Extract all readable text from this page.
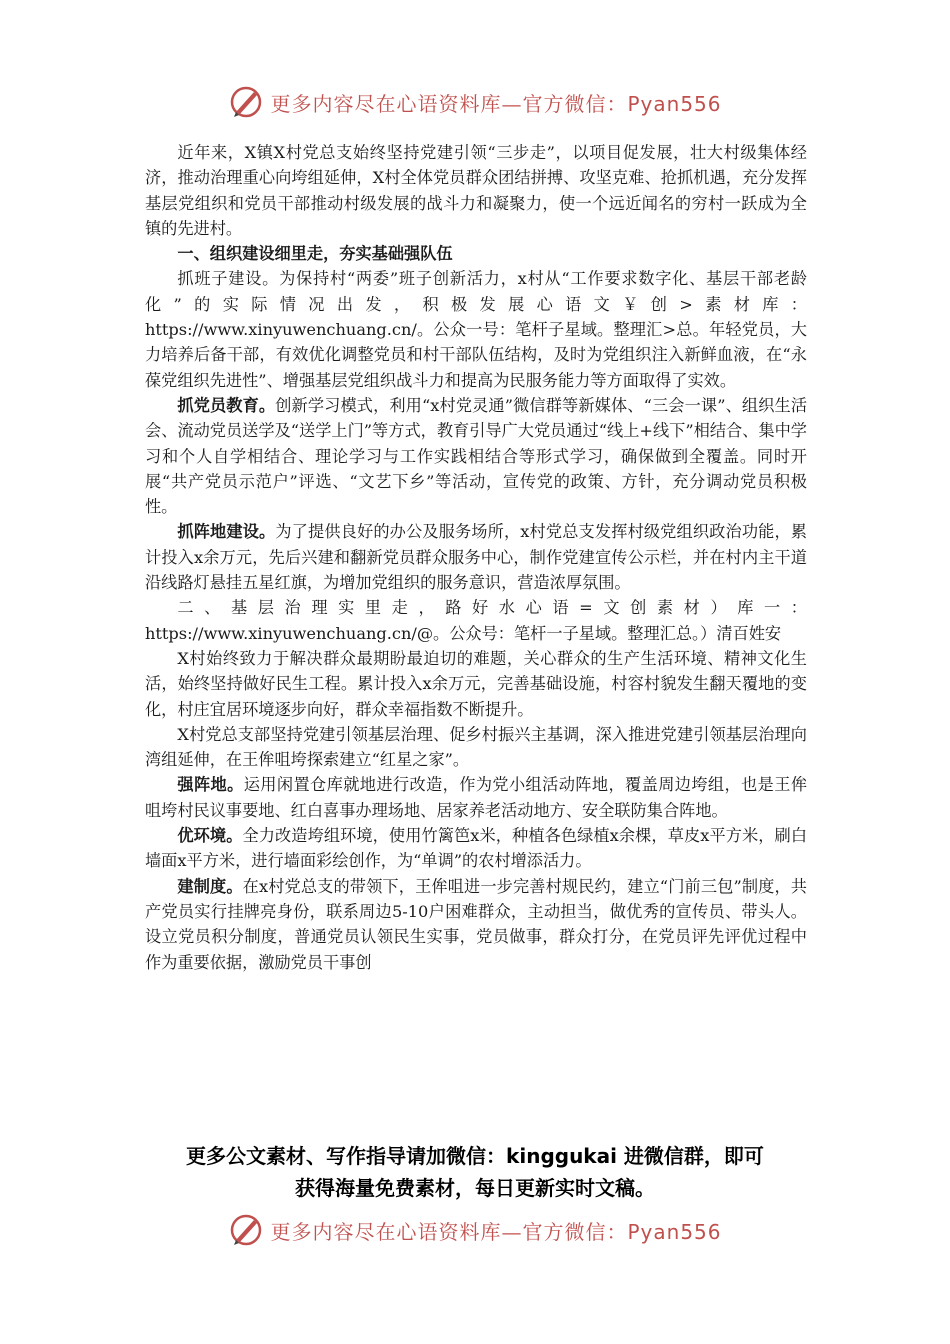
更多内容尽在心语资料库—官方微信：Pyan556

近年来，X镇X村党总支始终坚持党建引领“三步走”，以项目促发展，壮大村级集体经济，推动治理重心向垮组延伸，X村全体党员群众团结拼搏、攻坚克难、抢抓机遇，充分发挥基层党组织和党员干部推动村级发展的战斗力和凝聚力，使一个远近闻名的穷村一跃成为全镇的先进村。

一、组织建设细里走，夯实基础强队伍

抓班子建设。为保持村“两委”班子创新活力，x村从“工作要求数字化、基层干部老龄化”的实际情况出发，积极发展心语文￥创>素材库：https://www.xinyuwenchuang.cn/。公众一号：笔杆子星域。整理汇>总。年轻党员，大力培养后备干部，有效优化调整党员和村干部队伍结构，及时为党组织注入新鲜血液，在“永葆党组织先进性”、增强基层党组织战斗力和提高为民服务能力等方面取得了实效。

抓党员教育。创新学习模式，利用“x村党灵通”微信群等新媒体、“三会一课”、组织生活会、流动党员送学及“送学上门”等方式，教育引导广大党员通过“线上+线下”相结合、集中学习和个人自学相结合、理论学习与工作实践相结合等形式学习，确保做到全覆盖。同时开展“共产党员示范户”评选、“文艺下乡”等活动，宣传党的政策、方针，充分调动党员积极性。

抓阵地建设。为了提供良好的办公及服务场所，x村党总支发挥村级党组织政治功能，累计投入x余万元，先后兴建和翻新党员群众服务中心，制作党建宣传公示栏，并在村内主干道沿线路灯悬挂五星红旗，为增加党组织的服务意识，营造浓厚氛围。

二、基层治理实里走，路好水心语=文创素材）库一：https://www.xinyuwenchuang.cn/@。公众号：笔杆一子星域。整理汇总。）清百姓安

X村始终致力于解决群众最期盼最迫切的难题，关心群众的生产生活环境、精神文化生活，始终坚持做好民生工程。累计投入x余万元，完善基础设施，村容村貌发生翻天覆地的变化，村庄宜居环境逐步向好，群众幸福指数不断提升。

X村党总支部坚持党建引领基层治理、促乡村振兴主基调，深入推进党建引领基层治理向湾组延伸，在王侔咀垮探索建立“红星之家”。

强阵地。运用闲置仓库就地进行改造，作为党小组活动阵地，覆盖周边垮组，也是王侔咀垮村民议事要地、红白喜事办理场地、居家养老活动地方、安全联防集合阵地。

优环境。全力改造垮组环境，使用竹篱笆x米，种植各色绿植x余棵，草皮x平方米，刷白墙面x平方米，进行墙面彩绘创作，为“单调”的农村增添活力。

建制度。在x村党总支的带领下，王侔咀进一步完善村规民约，建立“门前三包”制度，共产党员实行挂牌亮身份，联系周边5-10户困难群众，主动担当，做优秀的宣传员、带头人。设立党员积分制度，普通党员认领民生实事，党员做事，群众打分，在党员评先评优过程中作为重要依据，激励党员干事创

更多公文素材、写作指导请加微信：kinggukai 进微信群，即可
获得海量免费素材，每日更新实时文稿。
更多内容尽在心语资料库—官方微信：Pyan556
